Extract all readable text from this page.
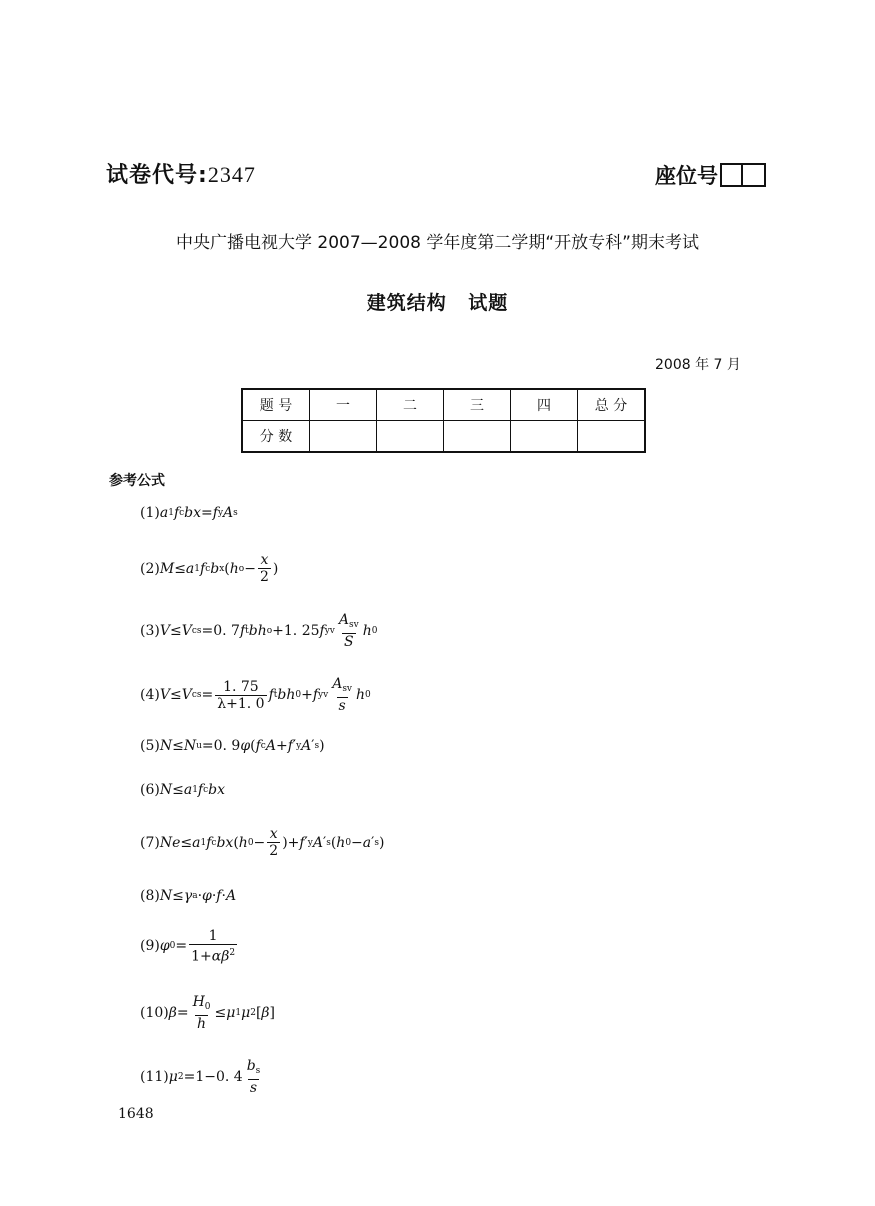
试卷代号:2347	座位号
中央广播电视大学 2007—2008 学年度第二学期“开放专科”期末考试
建筑结构 试题
2008 年 7 月
题 号	一	二	三	四	总 分
分 数					
参考公式
(1) a 1 f c bx = f y A s
(2) M ≤ a 1 f c b x ( h $o - \frac{x}{2}$ )
(3) V ≤ V cs =0. 7 f t bh o +1. 25 f yv $\frac{A_{sv}}{S}$ h 0
(4) V ≤ V cs = $\frac{1. 75}{\lambda+1. 0}$ f t bh 0 + f yv $\frac{A_{sv}}{s}$ h 0
(5) N ≤ N u =0. 9 φ ( f c A + f ′ y A ′ s )
(6) N ≤ a 1 f c bx
(7) Ne ≤ a 1 f c bx ( h $0 - \frac{x}{2}$ )+ f ′ y A ′ s ( h 0 − a ′ s )
(8) N ≤ γ a · φ · f · A
(9) φ $0 = \frac{1}{1+\alpha\beta^2}$
(10) $\beta = \frac{H_0}{h} \le \mu$ 1 μ 2 [ β ]
(11) μ 2 =1−0. $4 \frac{b_s}{s}$
1648
